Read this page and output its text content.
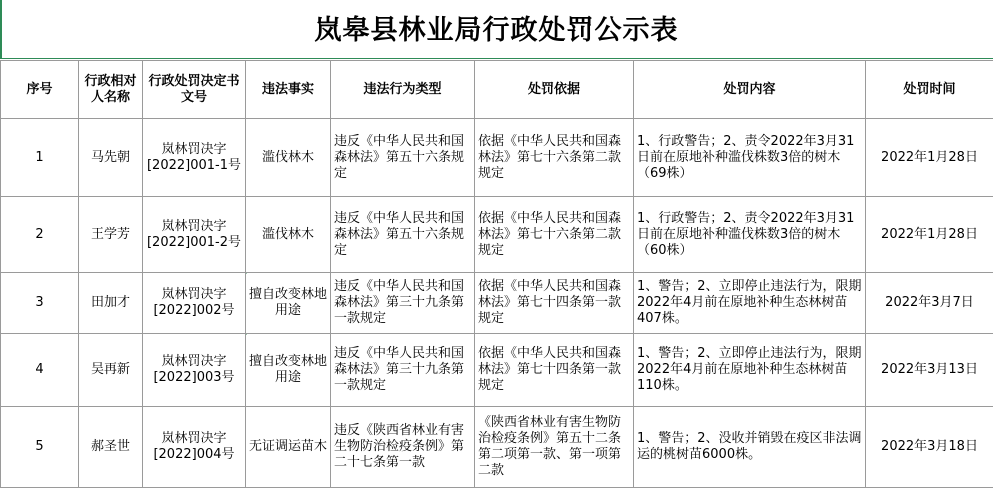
岚皋县林业局行政处罚公示表
序号	行政相对人名称	行政处罚决定书文号	违法事实	违法行为类型	处罚依据	处罚内容	处罚时间
1	马先朝	岚林罚决字[2022]001-1号	滥伐林木	违反《中华人民共和国森林法》第五十六条规定	依据《中华人民共和国森林法》第七十六条第二款规定	1、行政警告；2、责令2022年3月31日前在原地补种滥伐株数3倍的树木（69株）	2022年1月28日
2	王学芳	岚林罚决字[2022]001-2号	滥伐林木	违反《中华人民共和国森林法》第五十六条规定	依据《中华人民共和国森林法》第七十六条第二款规定	1、行政警告；2、责令2022年3月31日前在原地补种滥伐株数3倍的树木（60株）	2022年1月28日
3	田加才	岚林罚决字[2022]002号	擅自改变林地用途	违反《中华人民共和国森林法》第三十九条第一款规定	依据《中华人民共和国森林法》第七十四条第一款规定	1、警告；2、立即停止违法行为，限期2022年4月前在原地补种生态林树苗407株。	2022年3月7日
4	吴再新	岚林罚决字[2022]003号	擅自改变林地用途	违反《中华人民共和国森林法》第三十九条第一款规定	依据《中华人民共和国森林法》第七十四条第一款规定	1、警告；2、立即停止违法行为，限期2022年4月前在原地补种生态林树苗110株。	2022年3月13日
5	郝圣世	岚林罚决字[2022]004号	无证调运苗木	违反《陕西省林业有害生物防治检疫条例》第二十七条第一款	《陕西省林业有害生物防治检疫条例》第五十二条第二项第一款、第一项第二款	1、警告；2、没收并销毁在疫区非法调运的桃树苗6000株。	2022年3月18日
